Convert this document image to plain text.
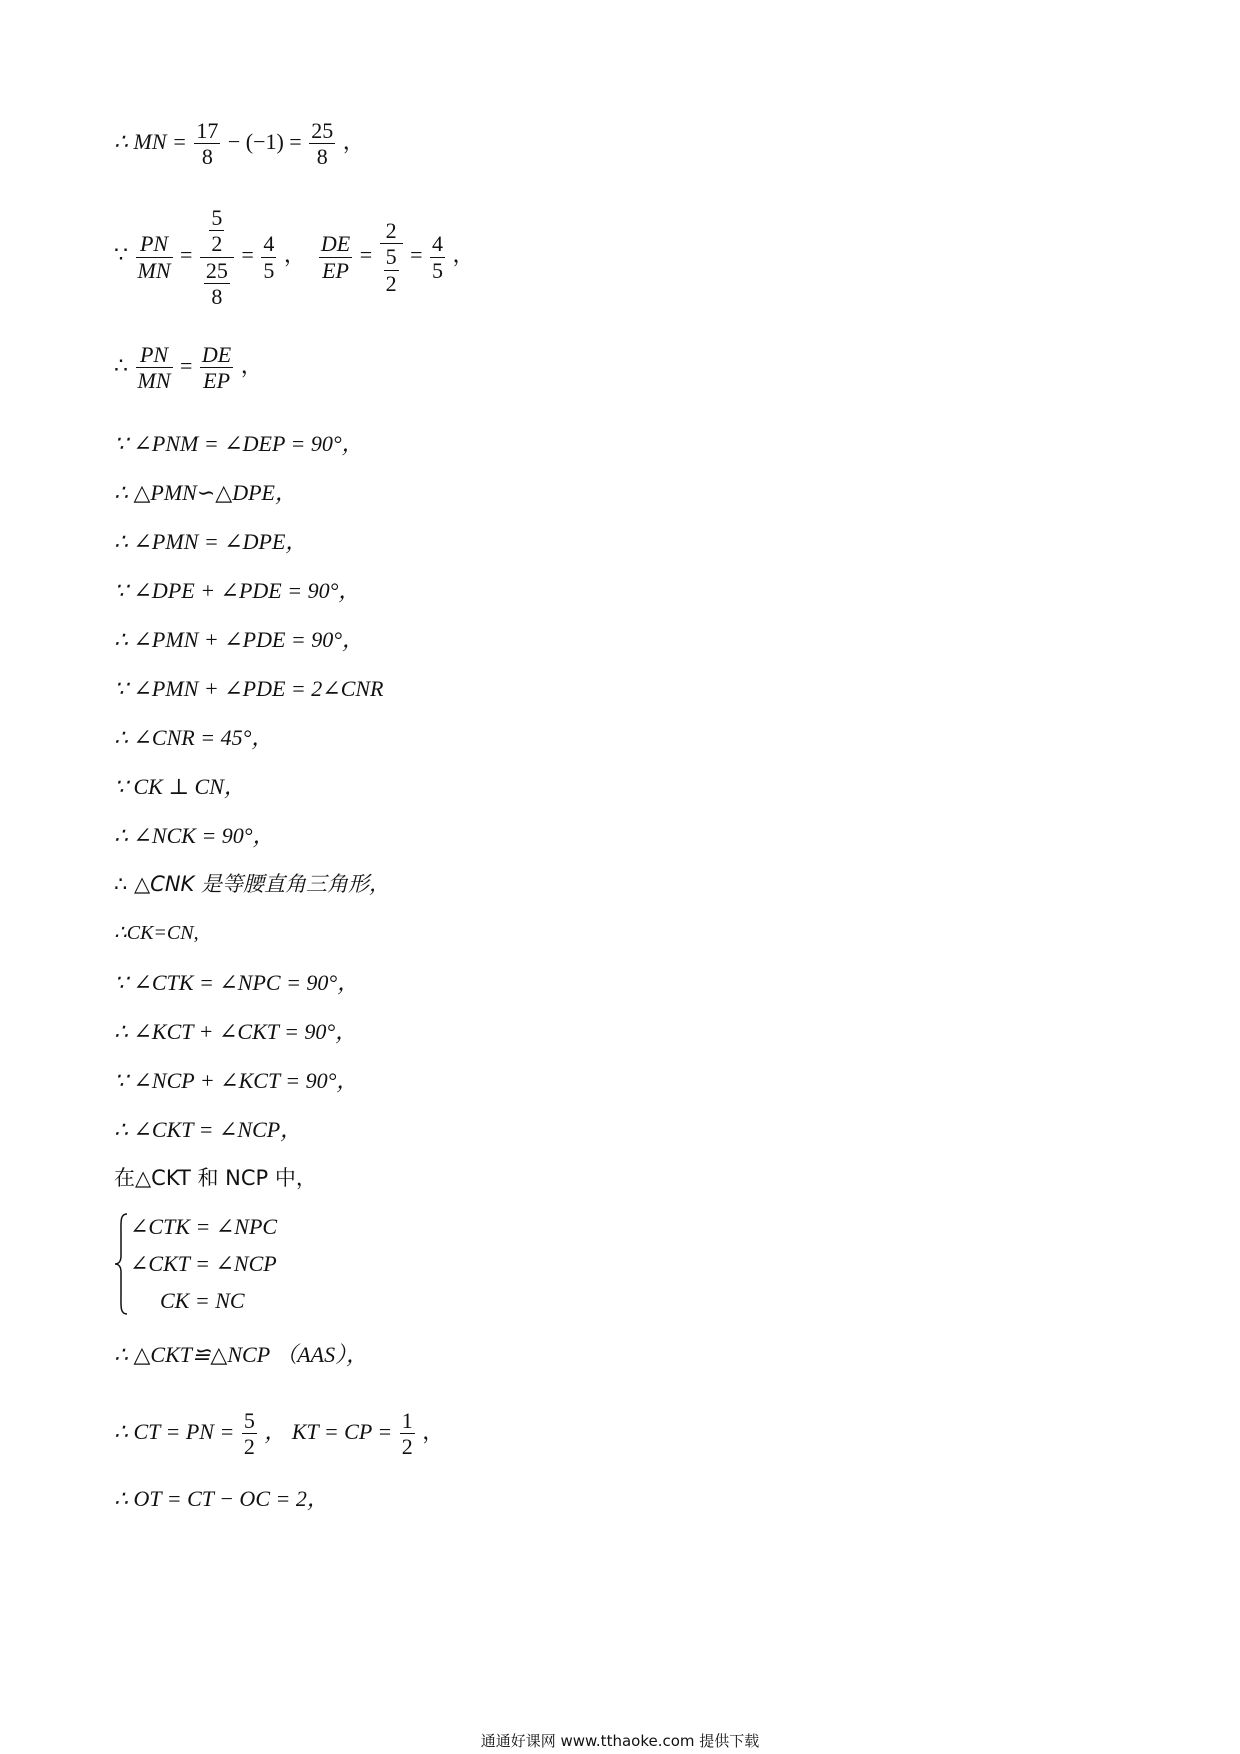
∴ MN = $\frac{17}{8} - (-1) = \frac{25}{8}$ ，
∵ $\frac{PN}{MN} = \frac{\frac{5}{2}}{\frac{25}{8}} = \frac{4}{5}$ ， $\frac{DE}{EP} = \frac{2}{\frac{5}{2}} = \frac{4}{5}$ ，
∴ $\frac{PN}{MN} = \frac{DE}{EP}$ ，
∵ ∠PNM = ∠DEP = 90°，
∴ △PMN∽△DPE，
∴ ∠PMN = ∠DPE，
∵ ∠DPE + ∠PDE = 90°，
∴ ∠PMN + ∠PDE = 90°，
∵ ∠PMN + ∠PDE = 2∠CNR
∴ ∠CNR = 45°，
∵ CK ⊥ CN，
∴ ∠NCK = 90°，
∴ △CNK 是等腰直角三角形，
∴CK=CN,
∵ ∠CTK = ∠NPC = 90°，
∴ ∠KCT + ∠CKT = 90°，
∵ ∠NCP + ∠KCT = 90°，
∴ ∠CKT = ∠NCP，
在△CKT 和 NCP 中，
∠CTK = ∠NPC
∠CKT = ∠NCP
CK = NC
∴ △CKT≌△NCP （AAS），
∴ CT = PN = $\frac{5}{2}$ ， KT = CP = $\frac{1}{2}$ ，
∴ OT = CT − OC = 2，
通通好课网 www.tthaoke.com 提供下载
